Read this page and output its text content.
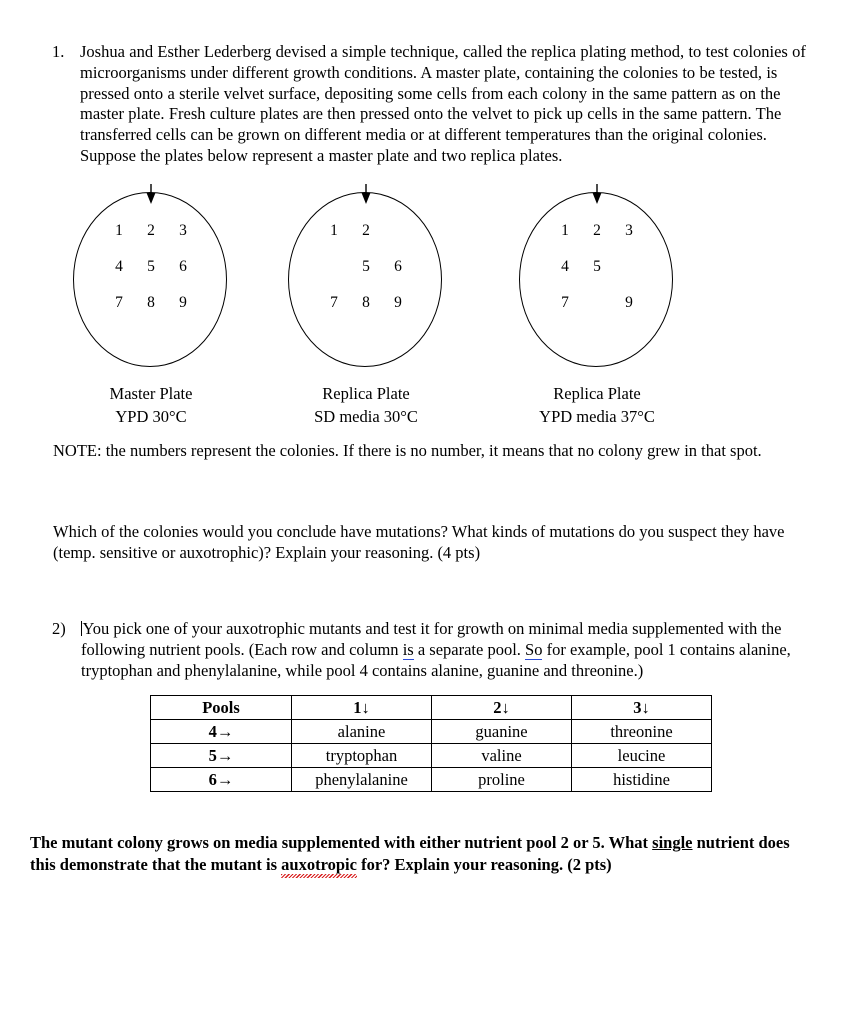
1. Joshua and Esther Lederberg devised a simple technique, called the replica plating method, to test colonies of microorganisms under different growth conditions. A master plate, containing the colonies to be tested, is pressed onto a sterile velvet surface, depositing some cells from each colony in the same pattern as on the master plate. Fresh culture plates are then pressed onto the velvet to pick up cells in the same pattern. The transferred cells can be grown on different media or at different temperatures than the original colonies. Suppose the plates below represent a master plate and two replica plates.
1	2	3
4	5	6
7	8	9
Master Plate
YPD 30°C
1	2
5	6
7	8	9
Replica Plate
SD media 30°C
1	2	3
4	5
7	9
Replica Plate
YPD media 37°C
NOTE: the numbers represent the colonies. If there is no number, it means that no colony grew in that spot.
Which of the colonies would you conclude have mutations? What kinds of mutations do you suspect they have (temp. sensitive or auxotrophic)? Explain your reasoning. (4 pts)
2)	You pick one of your auxotrophic mutants and test it for growth on minimal media supplemented with the following nutrient pools. (Each row and column is a separate pool. So for example, pool 1 contains alanine, tryptophan and phenylalanine, while pool 4 contains alanine, guanine and threonine.)
Pools	1↓	2↓	3↓
4→	alanine	guanine	threonine
5→	tryptophan	valine	leucine
6→	phenylalanine	proline	histidine
The mutant colony grows on media supplemented with either nutrient pool 2 or 5. What single nutrient does this demonstrate that the mutant is auxotropic for? Explain your reasoning. (2 pts)
